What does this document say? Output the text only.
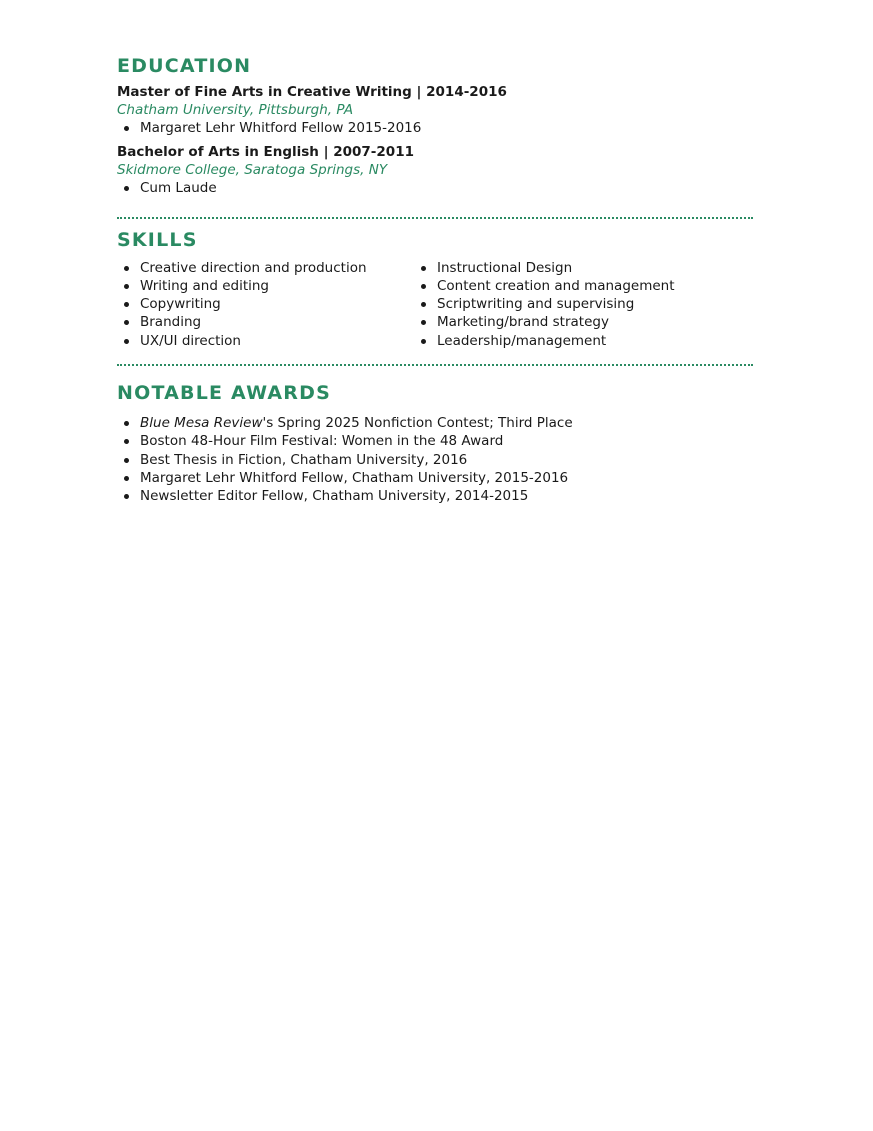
EDUCATION

Master of Fine Arts in Creative Writing | 2014-2016

Chatham University, Pittsburgh, PA

Margaret Lehr Whitford Fellow 2015-2016

Bachelor of Arts in English | 2007-2011

Skidmore College, Saratoga Springs, NY

Cum Laude
SKILLS
Creative direction and production
Writing and editing
Copywriting
Branding
UX/UI direction
Instructional Design
Content creation and management
Scriptwriting and supervising
Marketing/brand strategy
Leadership/management
NOTABLE AWARDS
Blue Mesa Review's Spring 2025 Nonfiction Contest; Third Place
Boston 48-Hour Film Festival: Women in the 48 Award
Best Thesis in Fiction, Chatham University, 2016
Margaret Lehr Whitford Fellow, Chatham University, 2015-2016
Newsletter Editor Fellow, Chatham University, 2014-2015
